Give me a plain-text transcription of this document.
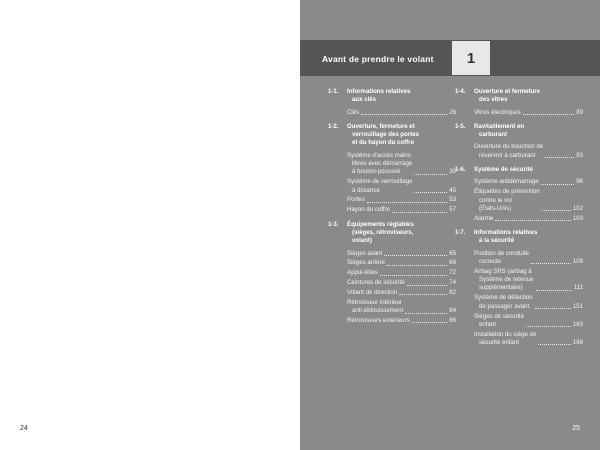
Avant de prendre le volant	1
1-1.	Informations relatives
aux clés
Clés	26
1-2.	Ouverture, fermeture et
verrouillage des portes
et du hayon du coffre
Système d'accès mains
libres avec démarrage
à bouton-poussoir	30
Système de verrouillage
à distance	45
Portes	53
Hayon du coffre	57
1-3.	Équipements réglables
(sièges, rétroviseurs,
volant)
Sièges avant	65
Sièges arrière	69
Appui-têtes	72
Ceintures de sécurité	74
Volant de direction	82
Rétroviseur intérieur
anti-éblouissement	84
Rétroviseurs extérieurs	86
1-4.	Ouverture et fermeture
des vitres
Vitres électriques	89
1-5.	Ravitaillement en
carburant
Ouverture du bouchon de
réservoir à carburant	93
1-6.	Système de sécurité
Système antidémarrage	96
Étiquettes de prévention
contre le vol
(États-Unis)	102
Alarme	103
1-7.	Informations relatives
à la sécurité
Position de conduite
correcte	109
Airbag SRS (airbag à
Système de retenue
supplémentaire)	111
Système de détection
de passager avant	151
Sièges de sécurité
enfant	163
Installation du siège de
sécurité enfant	168
24	25
